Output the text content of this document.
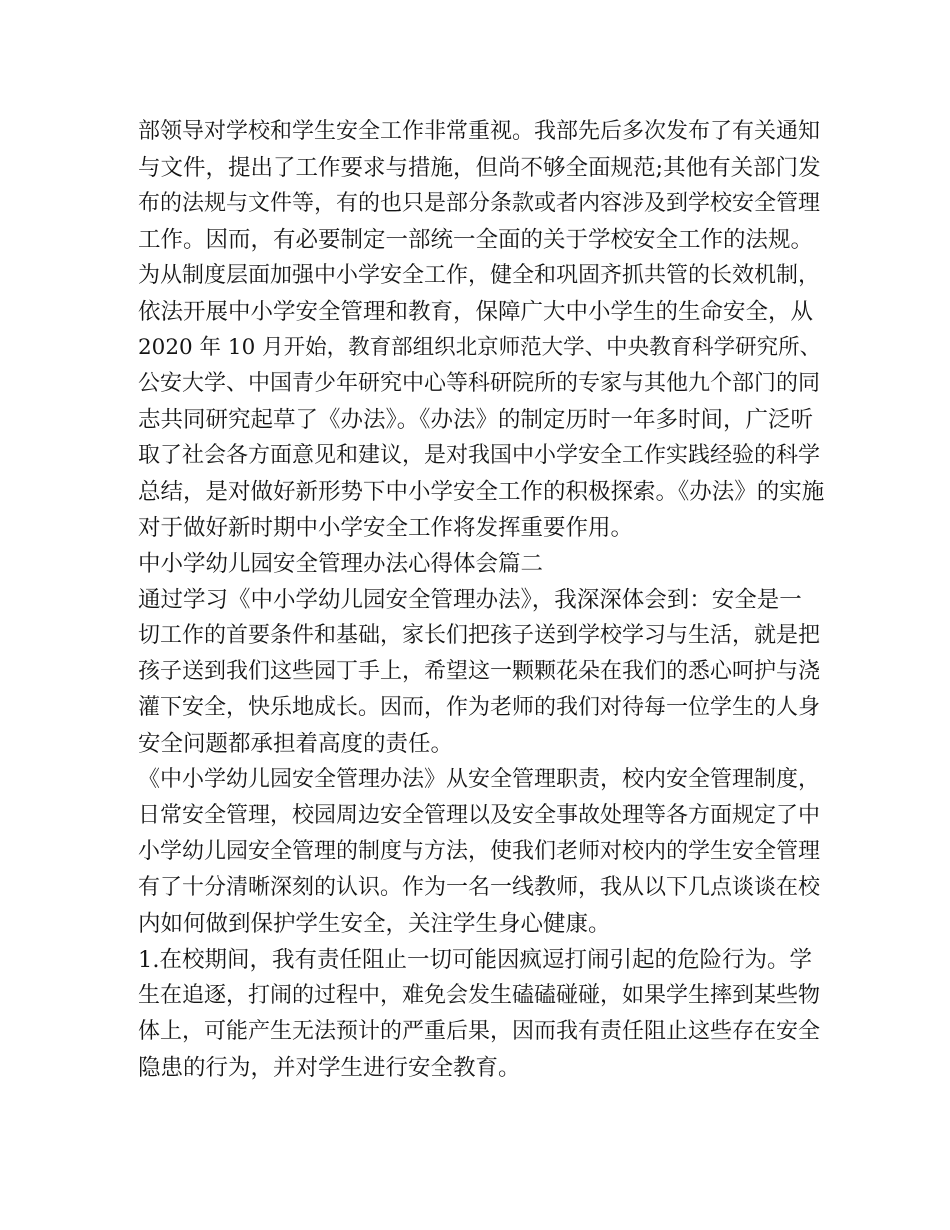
部领导对学校和学生安全工作非常重视。我部先后多次发布了有关通知
与文件，提出了工作要求与措施，但尚不够全面规范;其他有关部门发
布的法规与文件等，有的也只是部分条款或者内容涉及到学校安全管理
工作。因而，有必要制定一部统一全面的关于学校安全工作的法规。
为从制度层面加强中小学安全工作，健全和巩固齐抓共管的长效机制，
依法开展中小学安全管理和教育，保障广大中小学生的生命安全，从
2020 年 10 月开始，教育部组织北京师范大学、中央教育科学研究所、
公安大学、中国青少年研究中心等科研院所的专家与其他九个部门的同
志共同研究起草了《办法》。《办法》的制定历时一年多时间，广泛听
取了社会各方面意见和建议，是对我国中小学安全工作实践经验的科学
总结，是对做好新形势下中小学安全工作的积极探索。《办法》的实施
对于做好新时期中小学安全工作将发挥重要作用。
中小学幼儿园安全管理办法心得体会篇二
通过学习《中小学幼儿园安全管理办法》，我深深体会到：安全是一
切工作的首要条件和基础，家长们把孩子送到学校学习与生活，就是把
孩子送到我们这些园丁手上，希望这一颗颗花朵在我们的悉心呵护与浇
灌下安全，快乐地成长。因而，作为老师的我们对待每一位学生的人身
安全问题都承担着高度的责任。
《中小学幼儿园安全管理办法》从安全管理职责，校内安全管理制度，
日常安全管理，校园周边安全管理以及安全事故处理等各方面规定了中
小学幼儿园安全管理的制度与方法，使我们老师对校内的学生安全管理
有了十分清晰深刻的认识。作为一名一线教师，我从以下几点谈谈在校
内如何做到保护学生安全，关注学生身心健康。
1.在校期间，我有责任阻止一切可能因疯逗打闹引起的危险行为。学
生在追逐，打闹的过程中，难免会发生磕磕碰碰，如果学生摔到某些物
体上，可能产生无法预计的严重后果，因而我有责任阻止这些存在安全
隐患的行为，并对学生进行安全教育。
